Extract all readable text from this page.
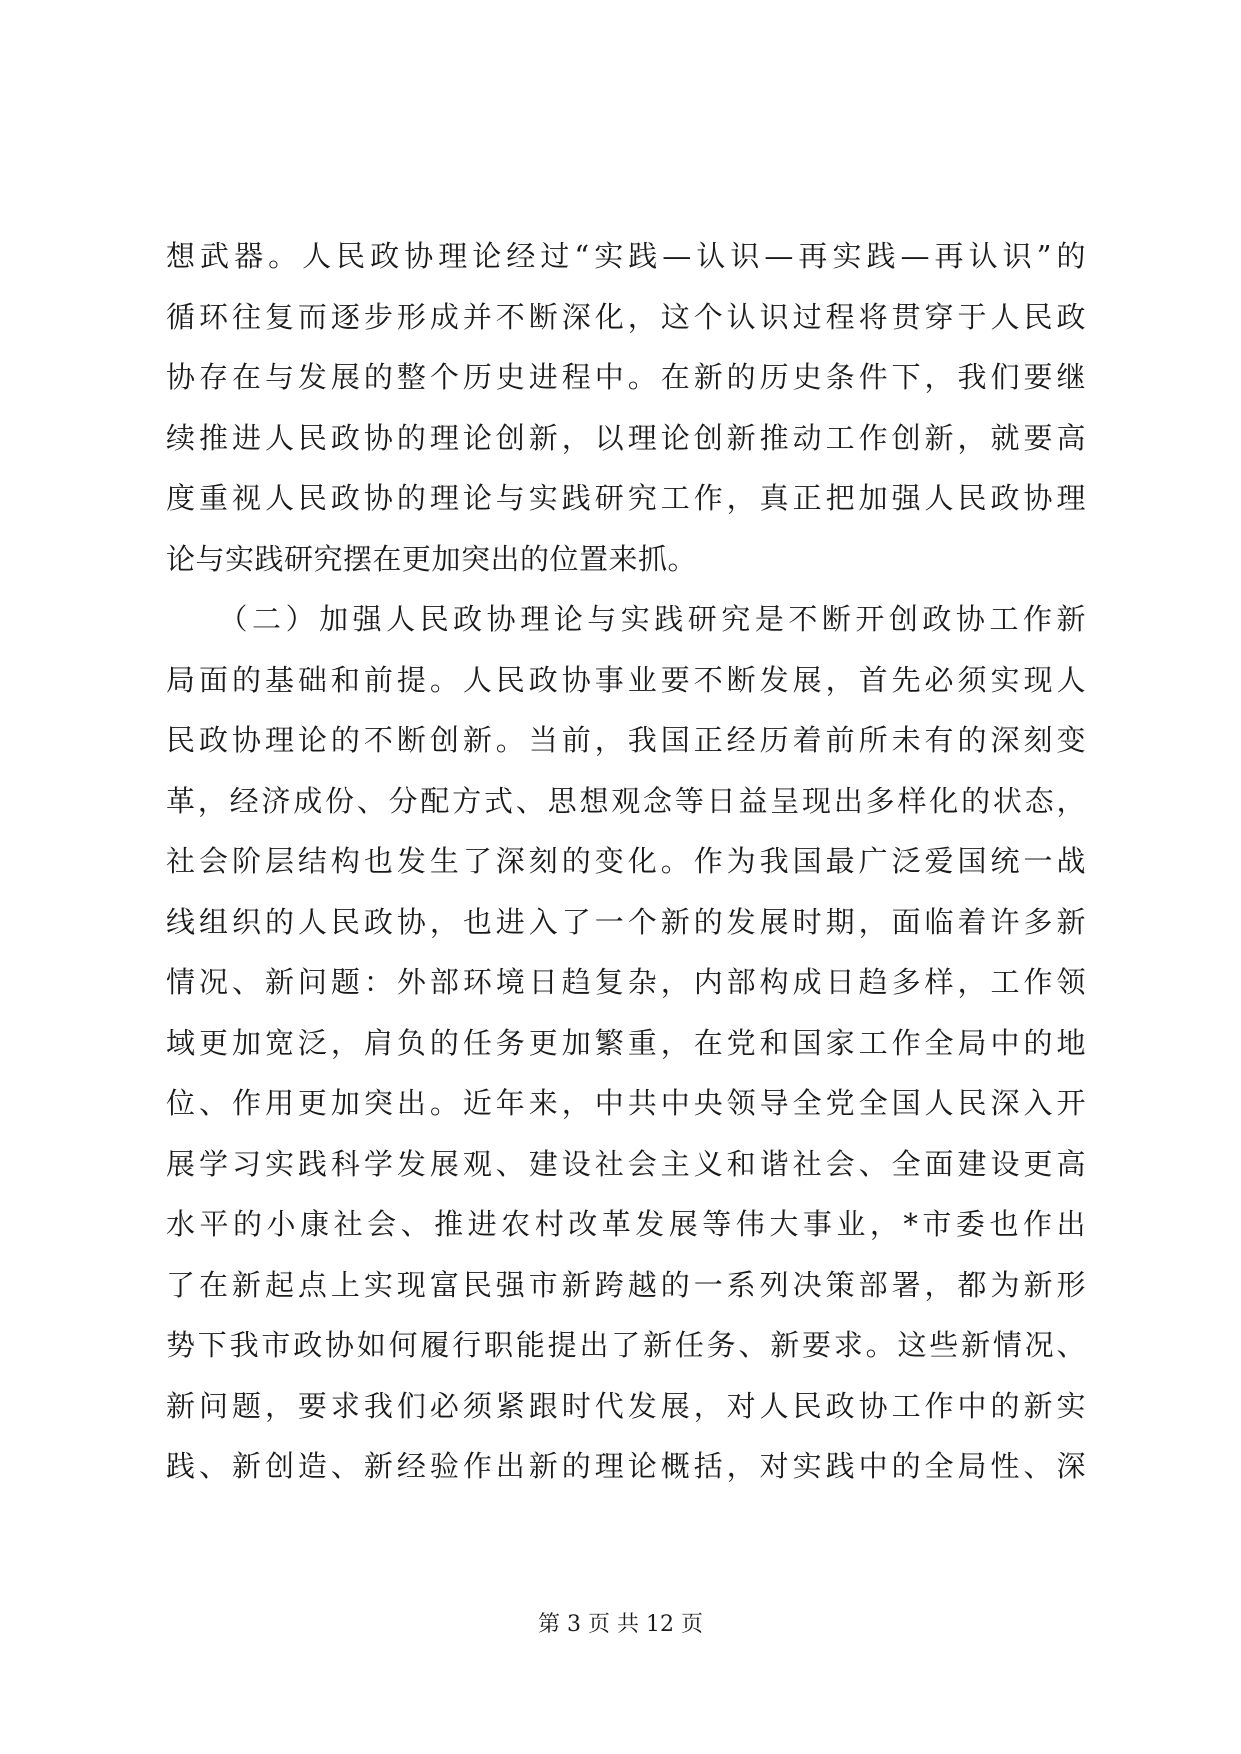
想武器。人民政协理论经过“实践—认识—再实践—再认识”的
循环往复而逐步形成并不断深化，这个认识过程将贯穿于人民政
协存在与发展的整个历史进程中。在新的历史条件下，我们要继
续推进人民政协的理论创新，以理论创新推动工作创新，就要高
度重视人民政协的理论与实践研究工作，真正把加强人民政协理
论与实践研究摆在更加突出的位置来抓。
　　（二）加强人民政协理论与实践研究是不断开创政协工作新
局面的基础和前提。人民政协事业要不断发展，首先必须实现人
民政协理论的不断创新。当前，我国正经历着前所未有的深刻变
革，经济成份、分配方式、思想观念等日益呈现出多样化的状态，
社会阶层结构也发生了深刻的变化。作为我国最广泛爱国统一战
线组织的人民政协，也进入了一个新的发展时期，面临着许多新
情况、新问题：外部环境日趋复杂，内部构成日趋多样，工作领
域更加宽泛，肩负的任务更加繁重，在党和国家工作全局中的地
位、作用更加突出。近年来，中共中央领导全党全国人民深入开
展学习实践科学发展观、建设社会主义和谐社会、全面建设更高
水平的小康社会、推进农村改革发展等伟大事业，*市委也作出
了在新起点上实现富民强市新跨越的一系列决策部署，都为新形
势下我市政协如何履行职能提出了新任务、新要求。这些新情况、
新问题，要求我们必须紧跟时代发展，对人民政协工作中的新实
践、新创造、新经验作出新的理论概括，对实践中的全局性、深
第 3 页 共 12 页
